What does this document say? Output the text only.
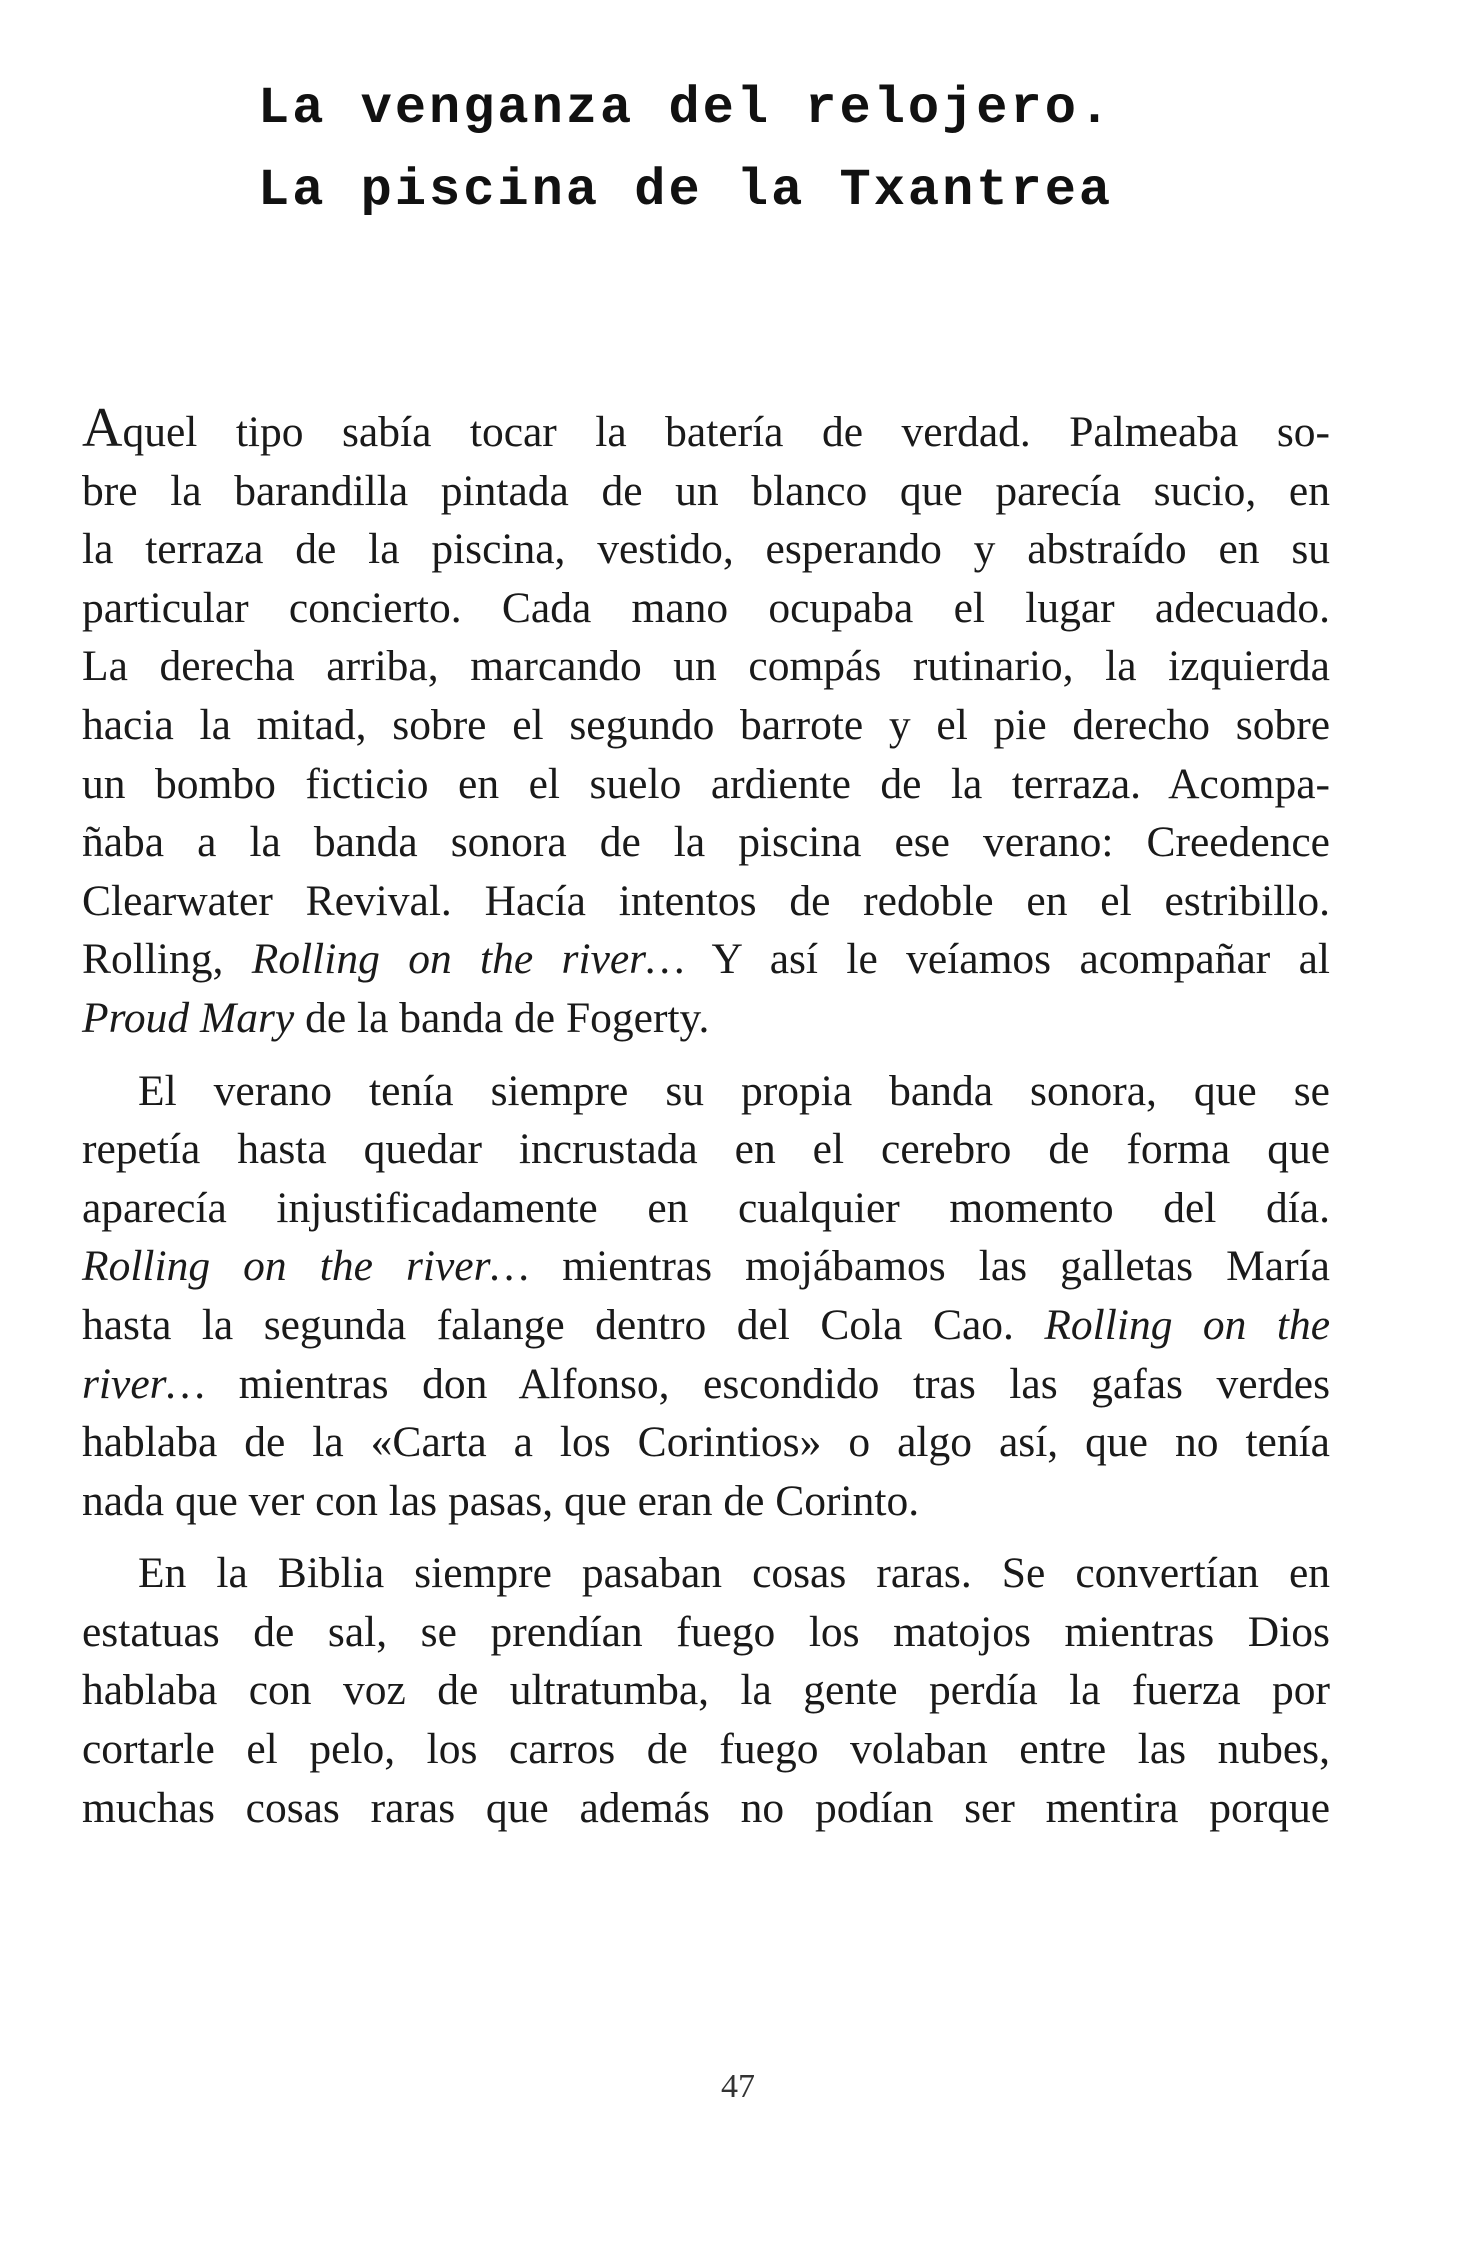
La venganza del relojero.
La piscina de la Txantrea
Aquel tipo sabía tocar la batería de verdad. Palmeaba so-
bre la barandilla pintada de un blanco que parecía sucio, en
la terraza de la piscina, vestido, esperando y abstraído en su
particular concierto. Cada mano ocupaba el lugar adecuado.
La derecha arriba, marcando un compás rutinario, la izquierda
hacia la mitad, sobre el segundo barrote y el pie derecho sobre
un bombo ficticio en el suelo ardiente de la terraza. Acompa-
ñaba a la banda sonora de la piscina ese verano: Creedence
Clearwater Revival. Hacía intentos de redoble en el estribillo.
Rolling, Rolling on the river… Y así le veíamos acompañar al
Proud Mary de la banda de Fogerty.
El verano tenía siempre su propia banda sonora, que se
repetía hasta quedar incrustada en el cerebro de forma que
aparecía injustificadamente en cualquier momento del día.
Rolling on the river… mientras mojábamos las galletas María
hasta la segunda falange dentro del Cola Cao. Rolling on the
river… mientras don Alfonso, escondido tras las gafas verdes
hablaba de la «Carta a los Corintios» o algo así, que no tenía
nada que ver con las pasas, que eran de Corinto.
En la Biblia siempre pasaban cosas raras. Se convertían en
estatuas de sal, se prendían fuego los matojos mientras Dios
hablaba con voz de ultratumba, la gente perdía la fuerza por
cortarle el pelo, los carros de fuego volaban entre las nubes,
muchas cosas raras que además no podían ser mentira porque
47
